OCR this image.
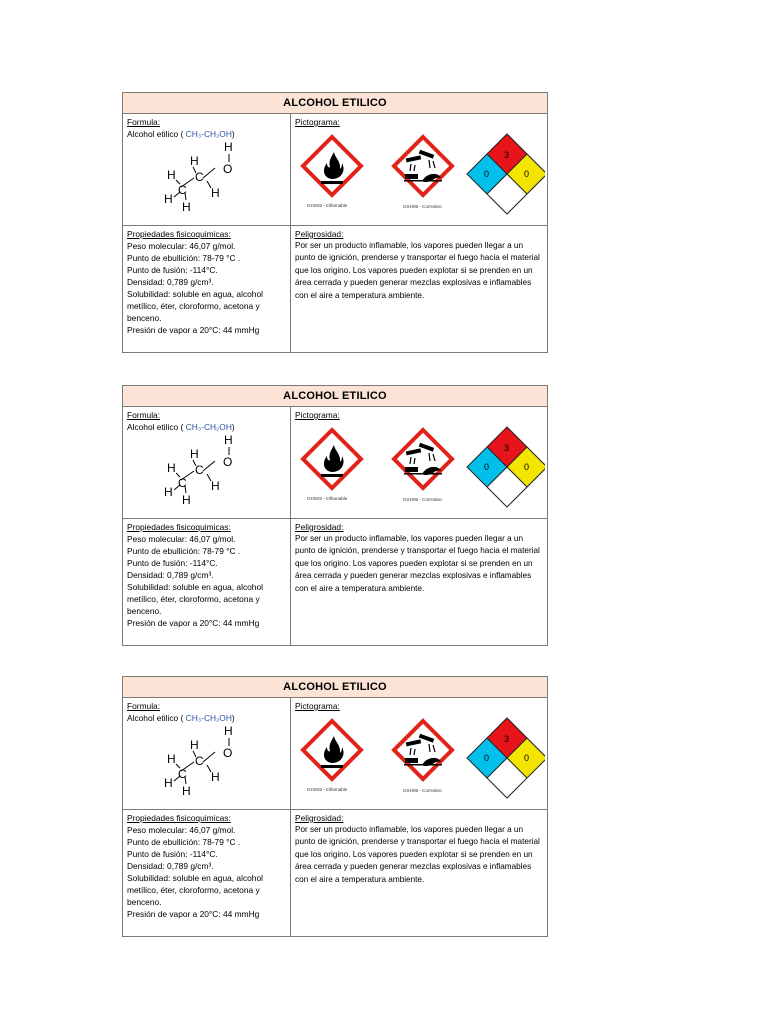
ALCOHOL ETILICO
Formula:
Alcohol etilico ( CH₃-CH₂OH)
H
O
H
H C
C H
H
H
Pictograma:
3
0	0
GHS02 - Inflamable	GSH05 - Corrosivo
Propiedades fisicoquimicas:
Peso molecular: 46,07 g/mol.
Punto de ebullición: 78-79 °C .
Punto de fusión: -114°C.
Densidad: 0,789 g/cm³.
Solubilidad: soluble en agua, alcohol metílico, éter, cloroformo, acetona y benceno.
Presión de vapor a 20°C: 44 mmHg
Peligrosidad:
Por ser un producto inflamable, los vapores pueden llegar a un punto de ignición, prenderse y transportar el fuego hacia el material que los origino. Los vapores pueden explotar si se prenden en un área cerrada y pueden generar mezclas explosivas e inflamables con el aire a temperatura ambiente.
ALCOHOL ETILICO
Formula:
Alcohol etilico ( CH₃-CH₂OH)
H
O
H
H C
C H
H
H
Pictograma:
3
0	0
GHS02 - Inflamable	GSH05 - Corrosivo
Propiedades fisicoquimicas:
Peso molecular: 46,07 g/mol.
Punto de ebullición: 78-79 °C .
Punto de fusión: -114°C.
Densidad: 0,789 g/cm³.
Solubilidad: soluble en agua, alcohol metílico, éter, cloroformo, acetona y benceno.
Presión de vapor a 20°C: 44 mmHg
Peligrosidad:
Por ser un producto inflamable, los vapores pueden llegar a un punto de ignición, prenderse y transportar el fuego hacia el material que los origino. Los vapores pueden explotar si se prenden en un área cerrada y pueden generar mezclas explosivas e inflamables con el aire a temperatura ambiente.
ALCOHOL ETILICO
Formula:
Alcohol etilico ( CH₃-CH₂OH)
H
O
H
H C
C H
H
H
Pictograma:
3
0	0
GHS02 - Inflamable	GSH05 - Corrosivo
Propiedades fisicoquimicas:
Peso molecular: 46,07 g/mol.
Punto de ebullición: 78-79 °C .
Punto de fusión: -114°C.
Densidad: 0,789 g/cm³.
Solubilidad: soluble en agua, alcohol metílico, éter, cloroformo, acetona y benceno.
Presión de vapor a 20°C: 44 mmHg
Peligrosidad:
Por ser un producto inflamable, los vapores pueden llegar a un punto de ignición, prenderse y transportar el fuego hacia el material que los origino. Los vapores pueden explotar si se prenden en un área cerrada y pueden generar mezclas explosivas e inflamables con el aire a temperatura ambiente.
